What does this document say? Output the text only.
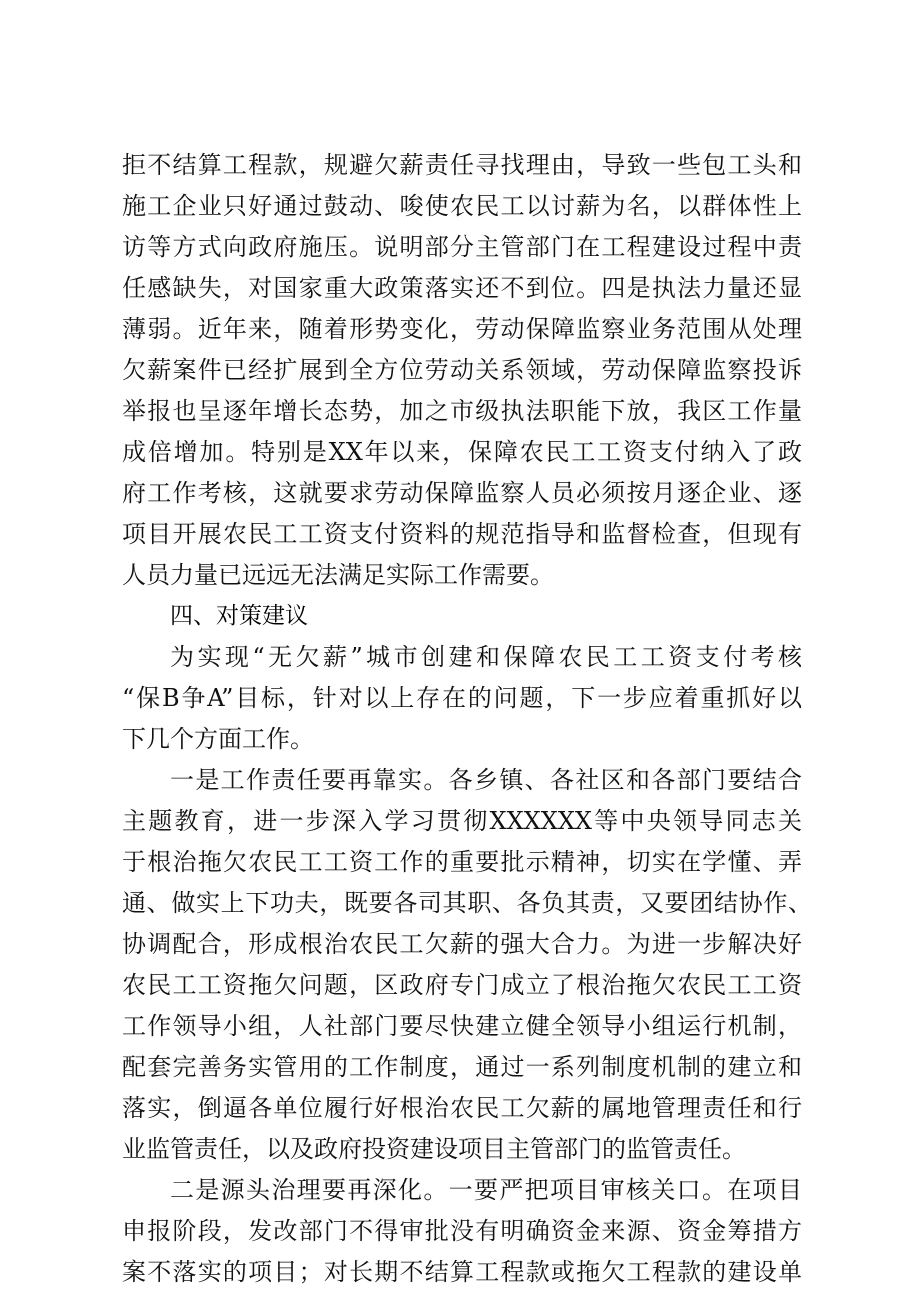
拒不结算工程款，规避欠薪责任寻找理由，导致一些包工头和
施工企业只好通过鼓动、唆使农民工以讨薪为名，以群体性上
访等方式向政府施压。说明部分主管部门在工程建设过程中责
任感缺失，对国家重大政策落实还不到位。四是执法力量还显
薄弱。近年来，随着形势变化，劳动保障监察业务范围从处理
欠薪案件已经扩展到全方位劳动关系领域，劳动保障监察投诉
举报也呈逐年增长态势，加之市级执法职能下放，我区工作量
成倍增加。特别是XX年以来，保障农民工工资支付纳入了政
府工作考核，这就要求劳动保障监察人员必须按月逐企业、逐
项目开展农民工工资支付资料的规范指导和监督检查，但现有
人员力量已远远无法满足实际工作需要。
四、对策建议
为实现“无欠薪”城市创建和保障农民工工资支付考核
“保B争A”目标，针对以上存在的问题，下一步应着重抓好以
下几个方面工作。
一是工作责任要再靠实。各乡镇、各社区和各部门要结合
主题教育，进一步深入学习贯彻XXXXXX等中央领导同志关
于根治拖欠农民工工资工作的重要批示精神，切实在学懂、弄
通、做实上下功夫，既要各司其职、各负其责，又要团结协作、
协调配合，形成根治农民工欠薪的强大合力。为进一步解决好
农民工工资拖欠问题，区政府专门成立了根治拖欠农民工工资
工作领导小组，人社部门要尽快建立健全领导小组运行机制，
配套完善务实管用的工作制度，通过一系列制度机制的建立和
落实，倒逼各单位履行好根治农民工欠薪的属地管理责任和行
业监管责任，以及政府投资建设项目主管部门的监管责任。
二是源头治理要再深化。一要严把项目审核关口。在项目
申报阶段，发改部门不得审批没有明确资金来源、资金筹措方
案不落实的项目；对长期不结算工程款或拖欠工程款的建设单
